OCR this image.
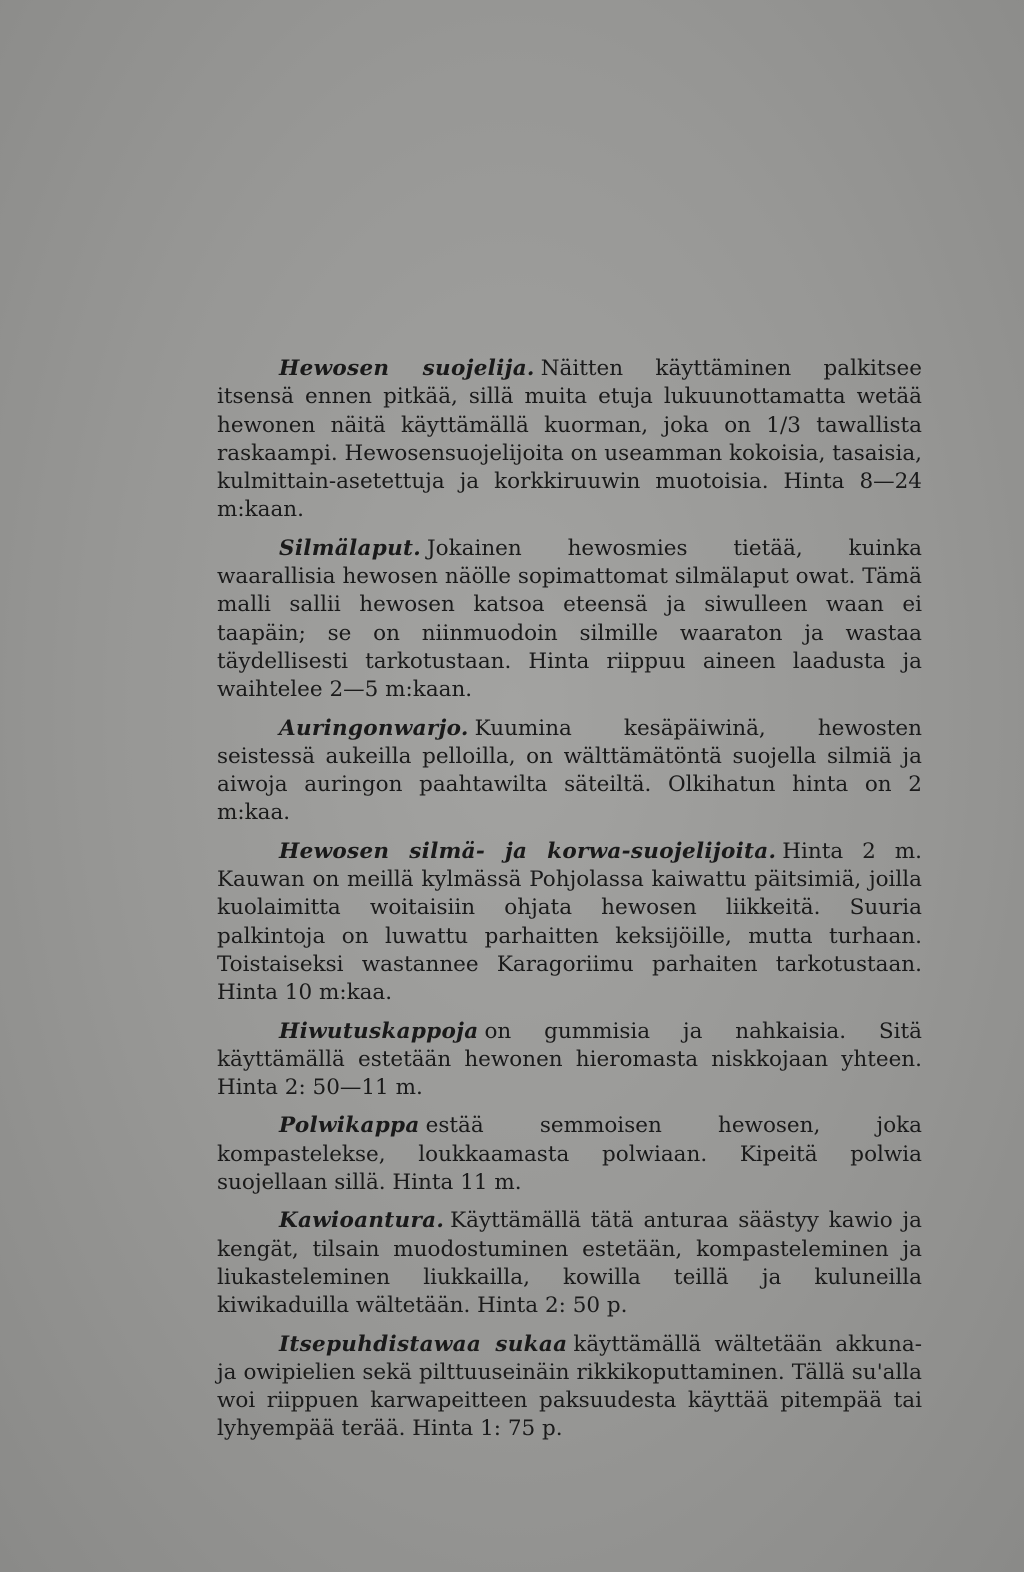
Hewosen suojelija. Näitten käyttäminen palkitsee itsensä ennen pitkää, sillä muita etuja lukuunottamatta wetää hewonen näitä käyttämällä kuorman, joka on 1/3 tawallista raskaampi. Hewosensuojelijoita on useamman kokoisia, tasaisia, kulmittain-asetettuja ja korkkiruuwin muotoisia. Hinta 8—24 m:kaan.
Silmälaput. Jokainen hewosmies tietää, kuinka waarallisia hewosen näölle sopimattomat silmälaput owat. Tämä malli sallii hewosen katsoa eteensä ja siwulleen waan ei taapäin; se on niinmuodoin silmille waaraton ja wastaa täydellisesti tarkotustaan. Hinta riippuu aineen laadusta ja waihtelee 2—5 m:kaan.
Auringonwarjo. Kuumina kesäpäiwinä, hewosten seistessä aukeilla pelloilla, on wälttämätöntä suojella silmiä ja aiwoja auringon paahtawilta säteiltä. Olkihatun hinta on 2 m:kaa.
Hewosen silmä- ja korwa-suojelijoita. Hinta 2 m. Kauwan on meillä kylmässä Pohjolassa kaiwattu päitsimiä, joilla kuolaimitta woitaisiin ohjata hewosen liikkeitä. Suuria palkintoja on luwattu parhaitten keksijöille, mutta turhaan. Toistaiseksi wastannee Karagoriimu parhaiten tarkotustaan. Hinta 10 m:kaa.
Hiwutuskappoja on gummisia ja nahkaisia. Sitä käyttämällä estetään hewonen hieromasta niskkojaan yhteen. Hinta 2: 50—11 m.
Polwikappa estää semmoisen hewosen, joka kompastelekse, loukkaamasta polwiaan. Kipeitä polwia suojellaan sillä. Hinta 11 m.
Kawioantura. Käyttämällä tätä anturaa säästyy kawio ja kengät, tilsain muodostuminen estetään, kompasteleminen ja liukasteleminen liukkailla, kowilla teillä ja kuluneilla kiwikaduilla wältetään. Hinta 2: 50 p.
Itsepuhdistawaa sukaa käyttämällä wältetään akkuna- ja owipielien sekä pilttuuseinäin rikkikoputtaminen. Tällä su'alla woi riippuen karwapeitteen paksuudesta käyttää pitempää tai lyhyempää terää. Hinta 1: 75 p.
